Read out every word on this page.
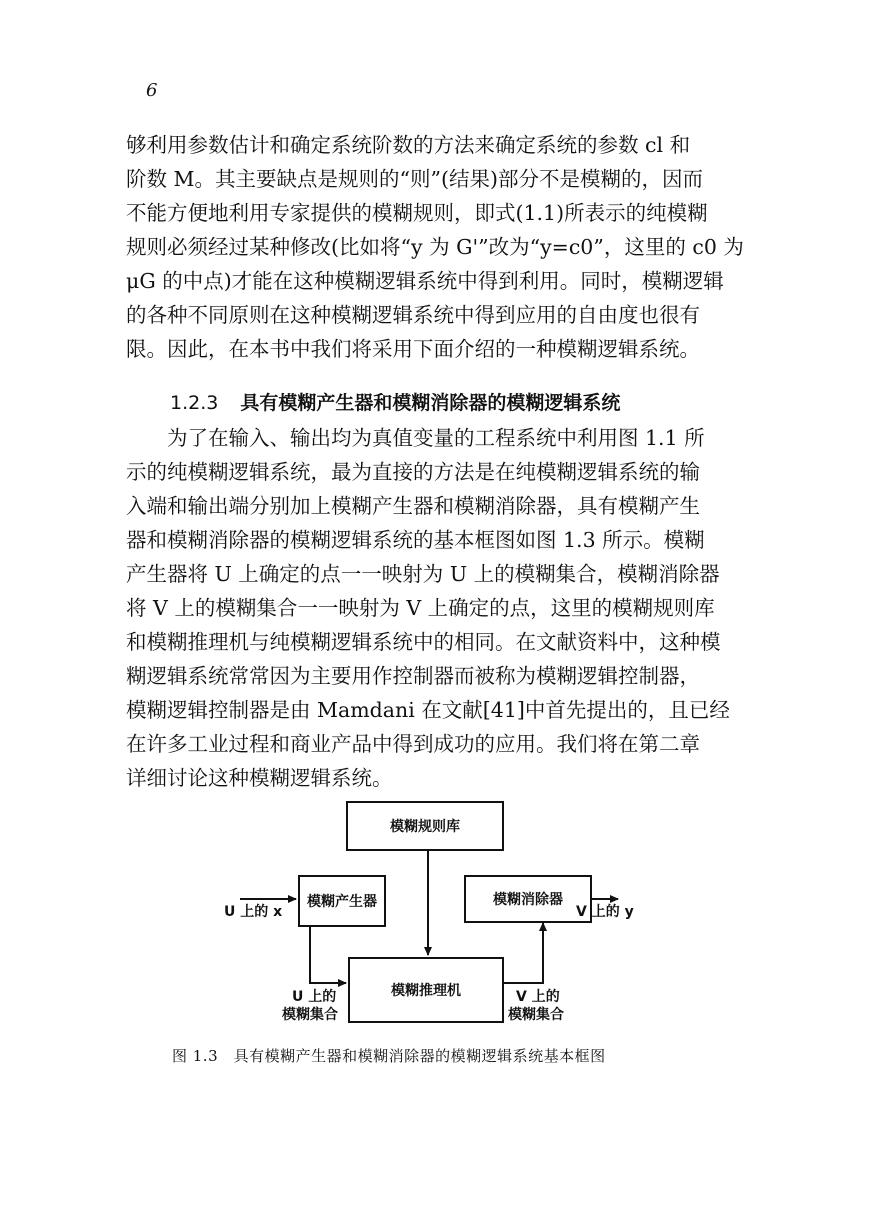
6

够利用参数估计和确定系统阶数的方法来确定系统的参数 cl 和
阶数 M。其主要缺点是规则的“则”(结果)部分不是模糊的，因而
不能方便地利用专家提供的模糊规则，即式(1.1)所表示的纯模糊
规则必须经过某种修改(比如将“y 为 G'”改为“y=c0”，这里的 c0 为
μG 的中点)才能在这种模糊逻辑系统中得到利用。同时，模糊逻辑
的各种不同原则在这种模糊逻辑系统中得到应用的自由度也很有
限。因此，在本书中我们将采用下面介绍的一种模糊逻辑系统。

1.2.3 具有模糊产生器和模糊消除器的模糊逻辑系统

　　为了在输入、输出均为真值变量的工程系统中利用图 1.1 所
示的纯模糊逻辑系统，最为直接的方法是在纯模糊逻辑系统的输
入端和输出端分别加上模糊产生器和模糊消除器，具有模糊产生
器和模糊消除器的模糊逻辑系统的基本框图如图 1.3 所示。模糊
产生器将 U 上确定的点一一映射为 U 上的模糊集合，模糊消除器
将 V 上的模糊集合一一映射为 V 上确定的点，这里的模糊规则库
和模糊推理机与纯模糊逻辑系统中的相同。在文献资料中，这种模
糊逻辑系统常常因为主要用作控制器而被称为模糊逻辑控制器，
模糊逻辑控制器是由 Mamdani 在文献[41]中首先提出的，且已经
在许多工业过程和商业产品中得到成功的应用。我们将在第二章
详细讨论这种模糊逻辑系统。

模糊规则库
模糊产生器	模糊消除器
模糊推理机
U 上的 x	V 上的 y
U 上的
模糊集合
V 上的
模糊集合
图 1.3　具有模糊产生器和模糊消除器的模糊逻辑系统基本框图
